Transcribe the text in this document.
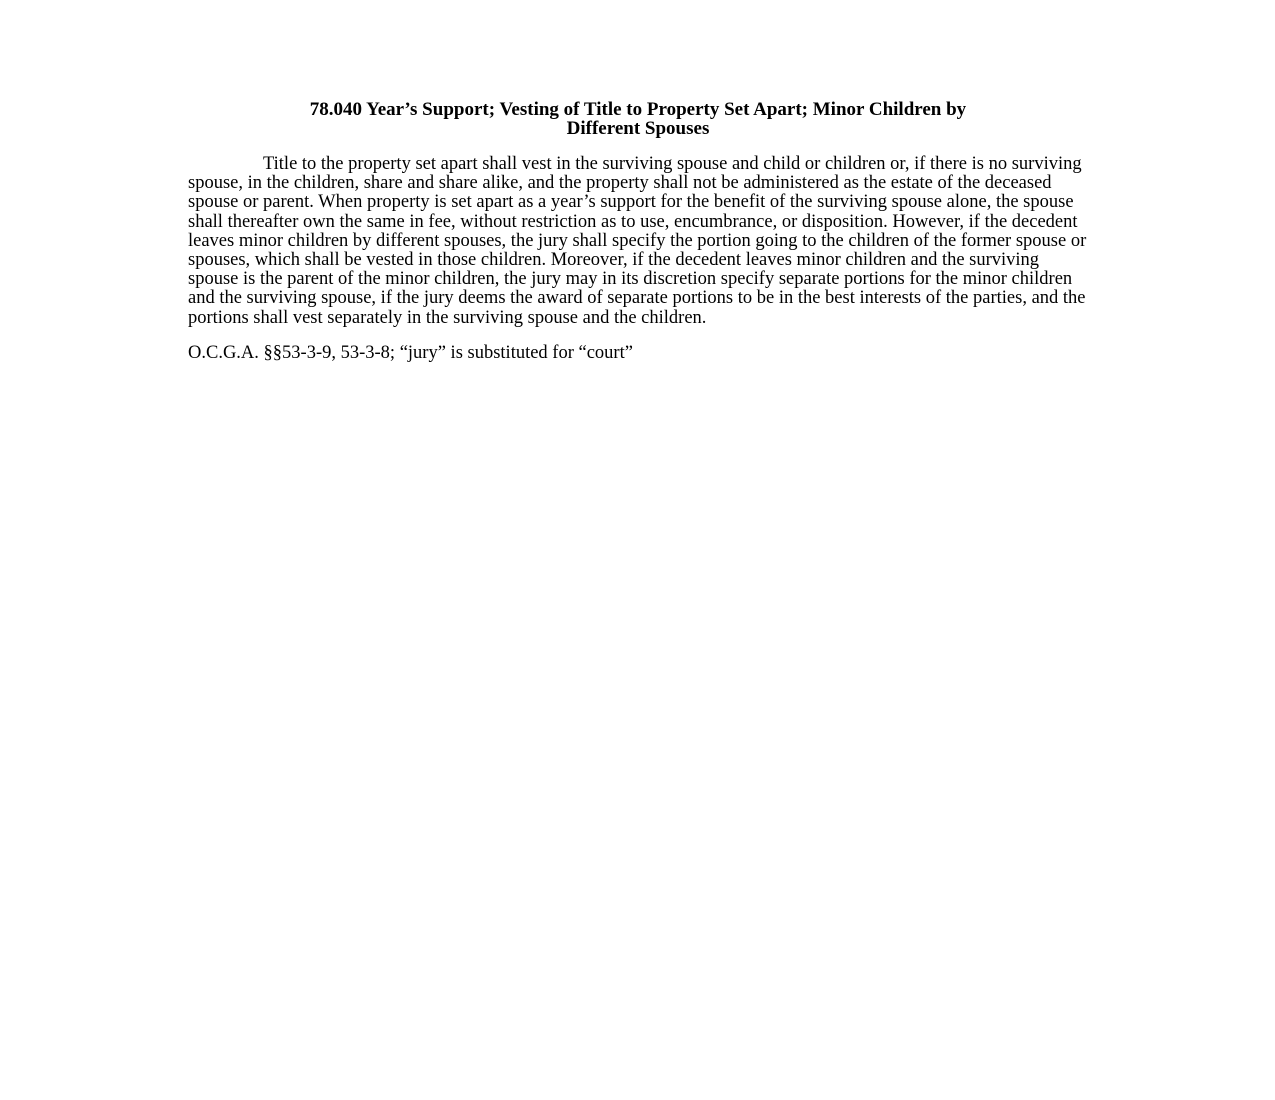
78.040 Year’s Support; Vesting of Title to Property Set Apart; Minor Children by
Different Spouses

Title to the property set apart shall vest in the surviving spouse and child or children or, if there is no surviving spouse, in the children, share and share alike, and the property shall not be administered as the estate of the deceased spouse or parent. When property is set apart as a year’s support for the benefit of the surviving spouse alone, the spouse shall thereafter own the same in fee, without restriction as to use, encumbrance, or disposition. However, if the decedent leaves minor children by different spouses, the jury shall specify the portion going to the children of the former spouse or spouses, which shall be vested in those children. Moreover, if the decedent leaves minor children and the surviving spouse is the parent of the minor children, the jury may in its discretion specify separate portions for the minor children and the surviving spouse, if the jury deems the award of separate portions to be in the best interests of the parties, and the portions shall vest separately in the surviving spouse and the children.

O.C.G.A. §§53-3-9, 53-3-8; “jury” is substituted for “court”
